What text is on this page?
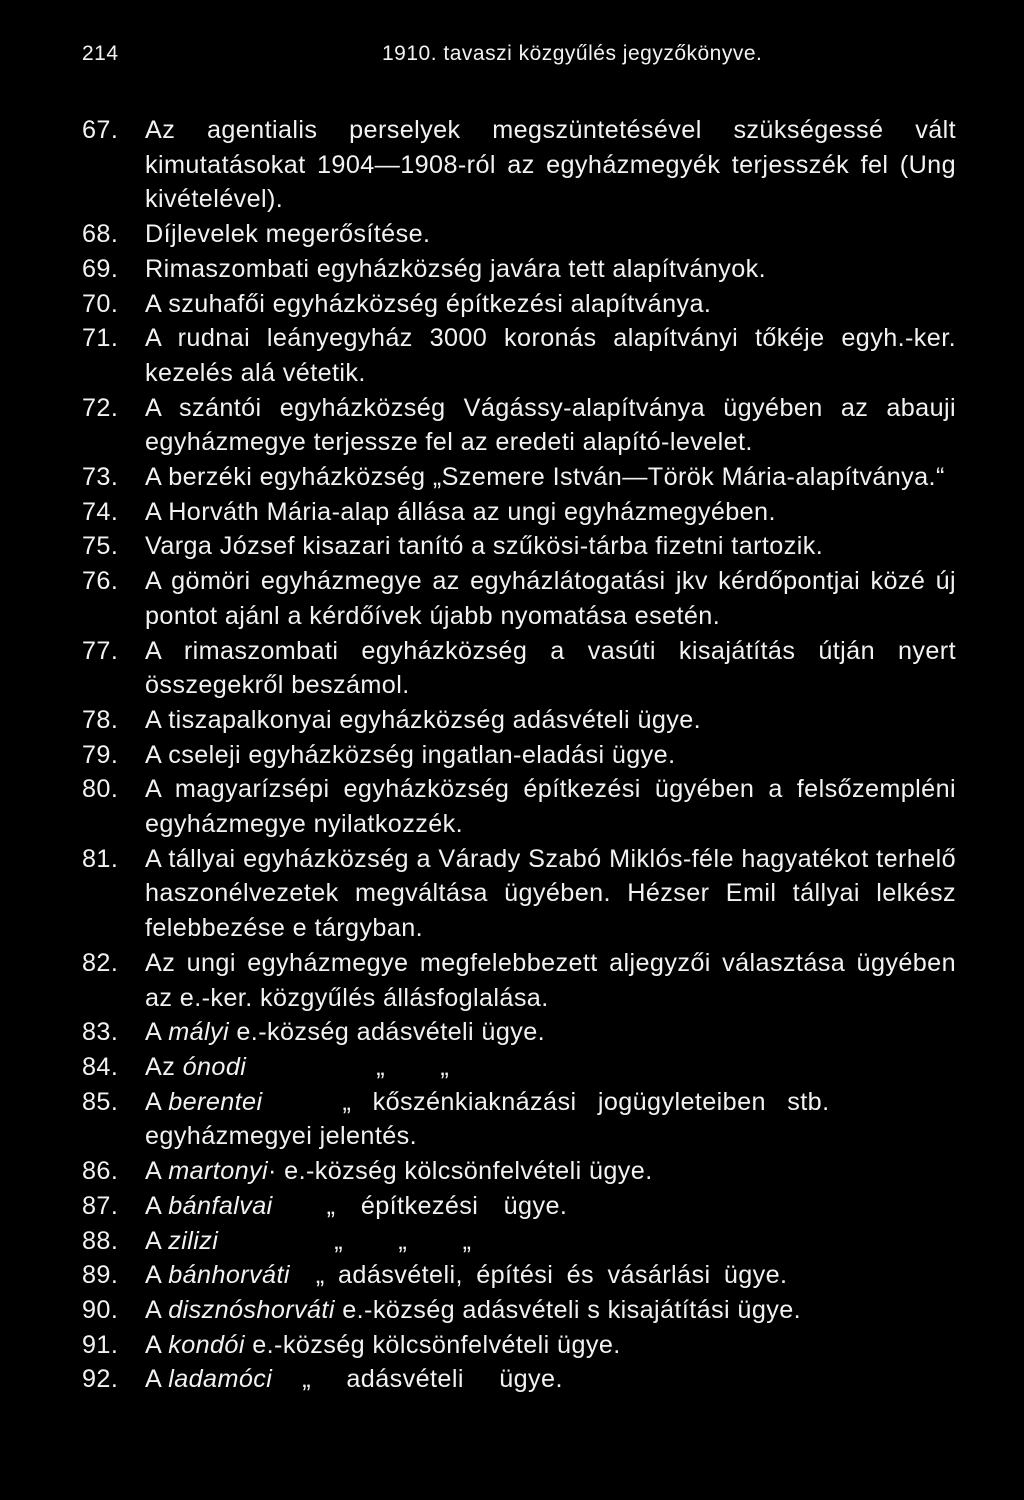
214	1910. tavaszi közgyűlés jegyzőkönyve.
67. Az agentialis perselyek megszüntetésével szükségessé vált kimutatásokat 1904—1908-ról az egyházmegyék terjesszék fel (Ung kivételével).
68. Díjlevelek megerősítése.
69. Rimaszombati egyházközség javára tett alapítványok.
70. A szuhafői egyházközség építkezési alapítványa.
71. A rudnai leányegyház 3000 koronás alapítványi tőkéje egyh.-ker. kezelés alá vétetik.
72. A szántói egyházközség Vágássy-alapítványa ügyében az abauji egyházmegye terjessze fel az eredeti alapító-levelet.
73. A berzéki egyházközség „Szemere István—Török Mária-alapítványa.“
74. A Horváth Mária-alap állása az ungi egyházmegyében.
75. Varga József kisazari tanító a szűkösi-tárba fizetni tartozik.
76. A gömöri egyházmegye az egyházlátogatási jkv kérdőpontjai közé új pontot ajánl a kérdőívek újabb nyomatása esetén.
77. A rimaszombati egyházközség a vasúti kisajátítás útján nyert összegekről beszámol.
78. A tiszapalkonyai egyházközség adásvételi ügye.
79. A cseleji egyházközség ingatlan-eladási ügye.
80. A magyarízsépi egyházközség építkezési ügyében a felsőzempléni egyházmegye nyilatkozzék.
81. A tállyai egyházközség a Várady Szabó Miklós-féle hagyatékot terhelő haszonélvezetek megváltása ügyében. Hézser Emil tállyai lelkész felebbezése e tárgyban.
82. Az ungi egyházmegye megfelebbezett aljegyzői választása ügyében az e.-ker. közgyűlés állásfoglalása.
83. A mályi e.-község adásvételi ügye.
84. Az ónodi	„ „
85. A berentei	„ kőszénkiaknázási jogügyleteiben stb.
egyházmegyei jelentés.
86. A martonyi· e.-község kölcsönfelvételi ügye.
87. A bánfalvai „ építkezési ügye.
88. A zilizi	„ „ „
89. A bánhorváti „ adásvételi, építési és vásárlási ügye.
90. A disznóshorváti e.-község adásvételi s kisajátítási ügye.
91. A kondói e.-község kölcsönfelvételi ügye.
92. A ladamóci „ adásvételi ügye.
